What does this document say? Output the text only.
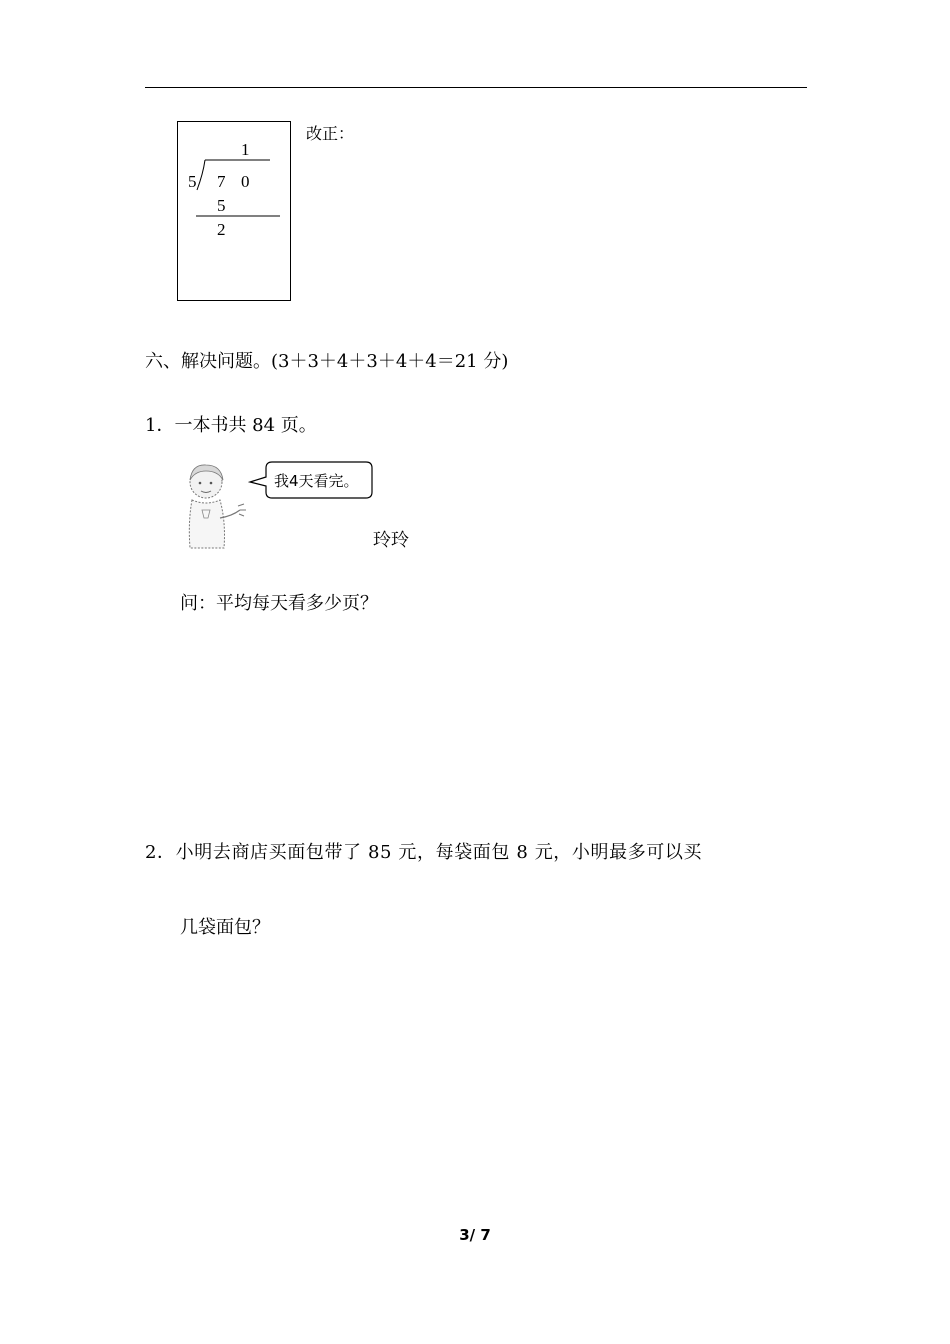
1
5 7 0
5
2
改正：
六、解决问题。(3＋3＋4＋3＋4＋4＝21 分)
1．一本书共 84 页。
我4天看完。
玲玲
问：平均每天看多少页？
2．小明去商店买面包带了 85 元，每袋面包 8 元，小明最多可以买
几袋面包？
3/ 7
